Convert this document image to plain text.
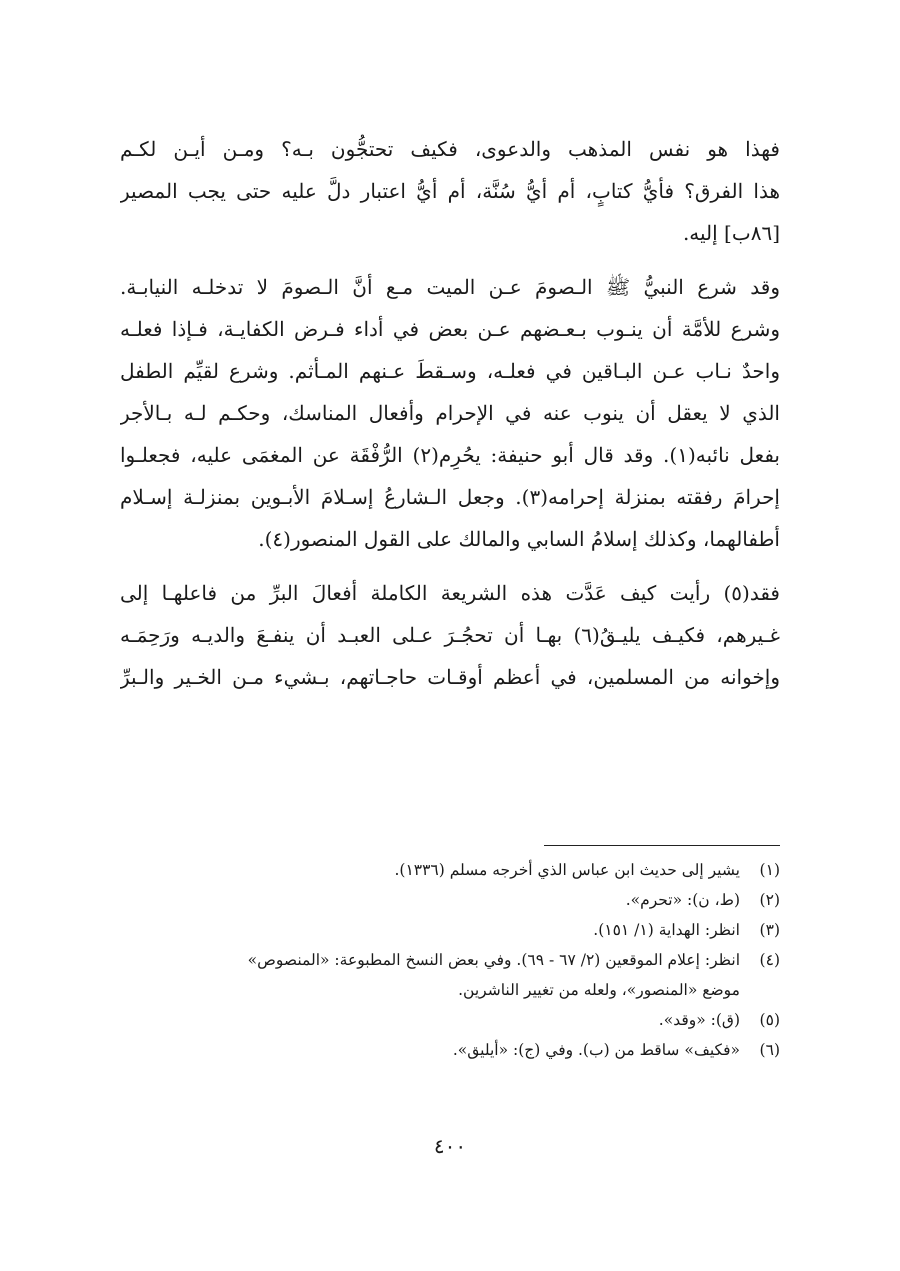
فهذا هو نفس المذهب والدعوى، فكيف تحتجُّون بـه؟ ومـن أيـن لكـم
هذا الفرق؟ فأيُّ كتابٍ، أم أيُّ سُنَّة، أم أيُّ اعتبار دلَّ عليه حتى يجب المصير
[٨٦ب] إليه.

وقد شرع النبيُّ ﷺ الـصومَ عـن الميت مـع أنَّ الـصومَ لا تدخلـه النيابـة.
وشرع للأمَّة أن ينـوب بـعـضهم عـن بعض في أداء فـرض الكفايـة، فـإذا فعلـه
واحدٌ نـاب عـن البـاقين في فعلـه، وسـقطَ عـنهم المـأثم. وشرع لقيِّم الطفل
الذي لا يعقل أن ينوب عنه في الإحرام وأفعال المناسك، وحكـم لـه بـالأجر
بفعل نائبه(١). وقد قال أبو حنيفة: يحُرِم(٢) الرُّفْقَة عن المغمَى عليه، فجعلـوا
إحرامَ رفقته بمنزلة إحرامه(٣). وجعل الـشارعُ إسـلامَ الأبـوين بمنزلـة إسـلام
أطفالهما، وكذلك إسلامُ السابي والمالك على القول المنصور(٤).

فقد(٥) رأيت كيف عَدَّت هذه الشريعة الكاملة أفعالَ البرِّ من فاعلهـا إلى
غـيرهم، فكيـف يليـقُ(٦) بهـا أن تحجُـرَ عـلى العبـد أن ينفـعَ والديـه ورَحِمَـه
وإخوانه من المسلمين، في أعظم أوقـات حاجـاتهم، بـشيء مـن الخـير والـبرِّ

(١)
يشير إلى حديث ابن عباس الذي أخرجه مسلم (١٣٣٦).
(٢)
(ط، ن): «تحرم».
(٣)
انظر: الهداية (١/ ١٥١).
(٤)
انظر: إعلام الموقعين (٢/ ٦٧ - ٦٩). وفي بعض النسخ المطبوعة: «المنصوص»
موضع «المنصور»، ولعله من تغيير الناشرين.
(٥)
(ق): «وقد».
(٦)
«فكيف» ساقط من (ب). وفي (ج): «أيليق».
٤٠٠
